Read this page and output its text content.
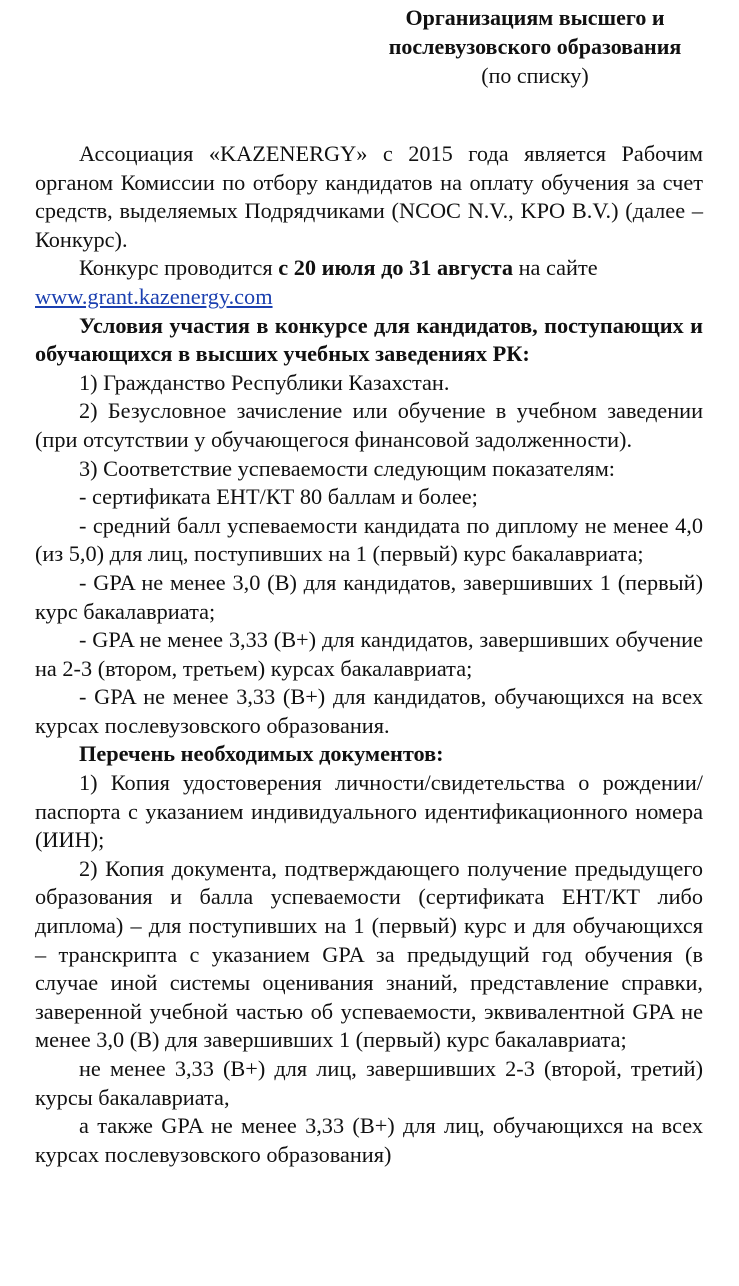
Организациям высшего и
послевузовского образования
(по списку)

Ассоциация «KAZENERGY» с 2015 года является Рабочим органом Комиссии по отбору кандидатов на оплату обучения за счет средств, выделяемых Подрядчиками (NCOC N.V., KPO B.V.) (далее – Конкурс).

Конкурс проводится с 20 июля до 31 августа на сайте

www.grant.kazenergy.com

Условия участия в конкурсе для кандидатов, поступающих и обучающихся в высших учебных заведениях РК:

1) Гражданство Республики Казахстан.

2) Безусловное зачисление или обучение в учебном заведении (при отсутствии у обучающегося финансовой задолженности).

3) Соответствие успеваемости следующим показателям:

- сертификата ЕНТ/КТ 80 баллам и более;

- средний балл успеваемости кандидата по диплому не менее 4,0 (из 5,0) для лиц, поступивших на 1 (первый) курс бакалавриата;

- GPA не менее 3,0 (B) для кандидатов, завершивших 1 (первый) курс бакалавриата;

- GPA не менее 3,33 (B+) для кандидатов, завершивших обучение на 2-3 (втором, третьем) курсах бакалавриата;

- GPA не менее 3,33 (B+) для кандидатов, обучающихся на всех курсах послевузовского образования.

Перечень необходимых документов:

1) Копия удостоверения личности/свидетельства о рождении/паспорта с указанием индивидуального идентификационного номера (ИИН);

2) Копия документа, подтверждающего получение предыдущего образования и балла успеваемости (сертификата ЕНТ/КТ либо диплома) – для поступивших на 1 (первый) курс и для обучающихся – транскрипта с указанием GPA за предыдущий год обучения (в случае иной системы оценивания знаний, представление справки, заверенной учебной частью об успеваемости, эквивалентной GPA не менее 3,0 (B) для завершивших 1 (первый) курс бакалавриата;

не менее 3,33 (B+) для лиц, завершивших 2-3 (второй, третий) курсы бакалавриата,

а также GPA не менее 3,33 (B+) для лиц, обучающихся на всех курсах послевузовского образования)
